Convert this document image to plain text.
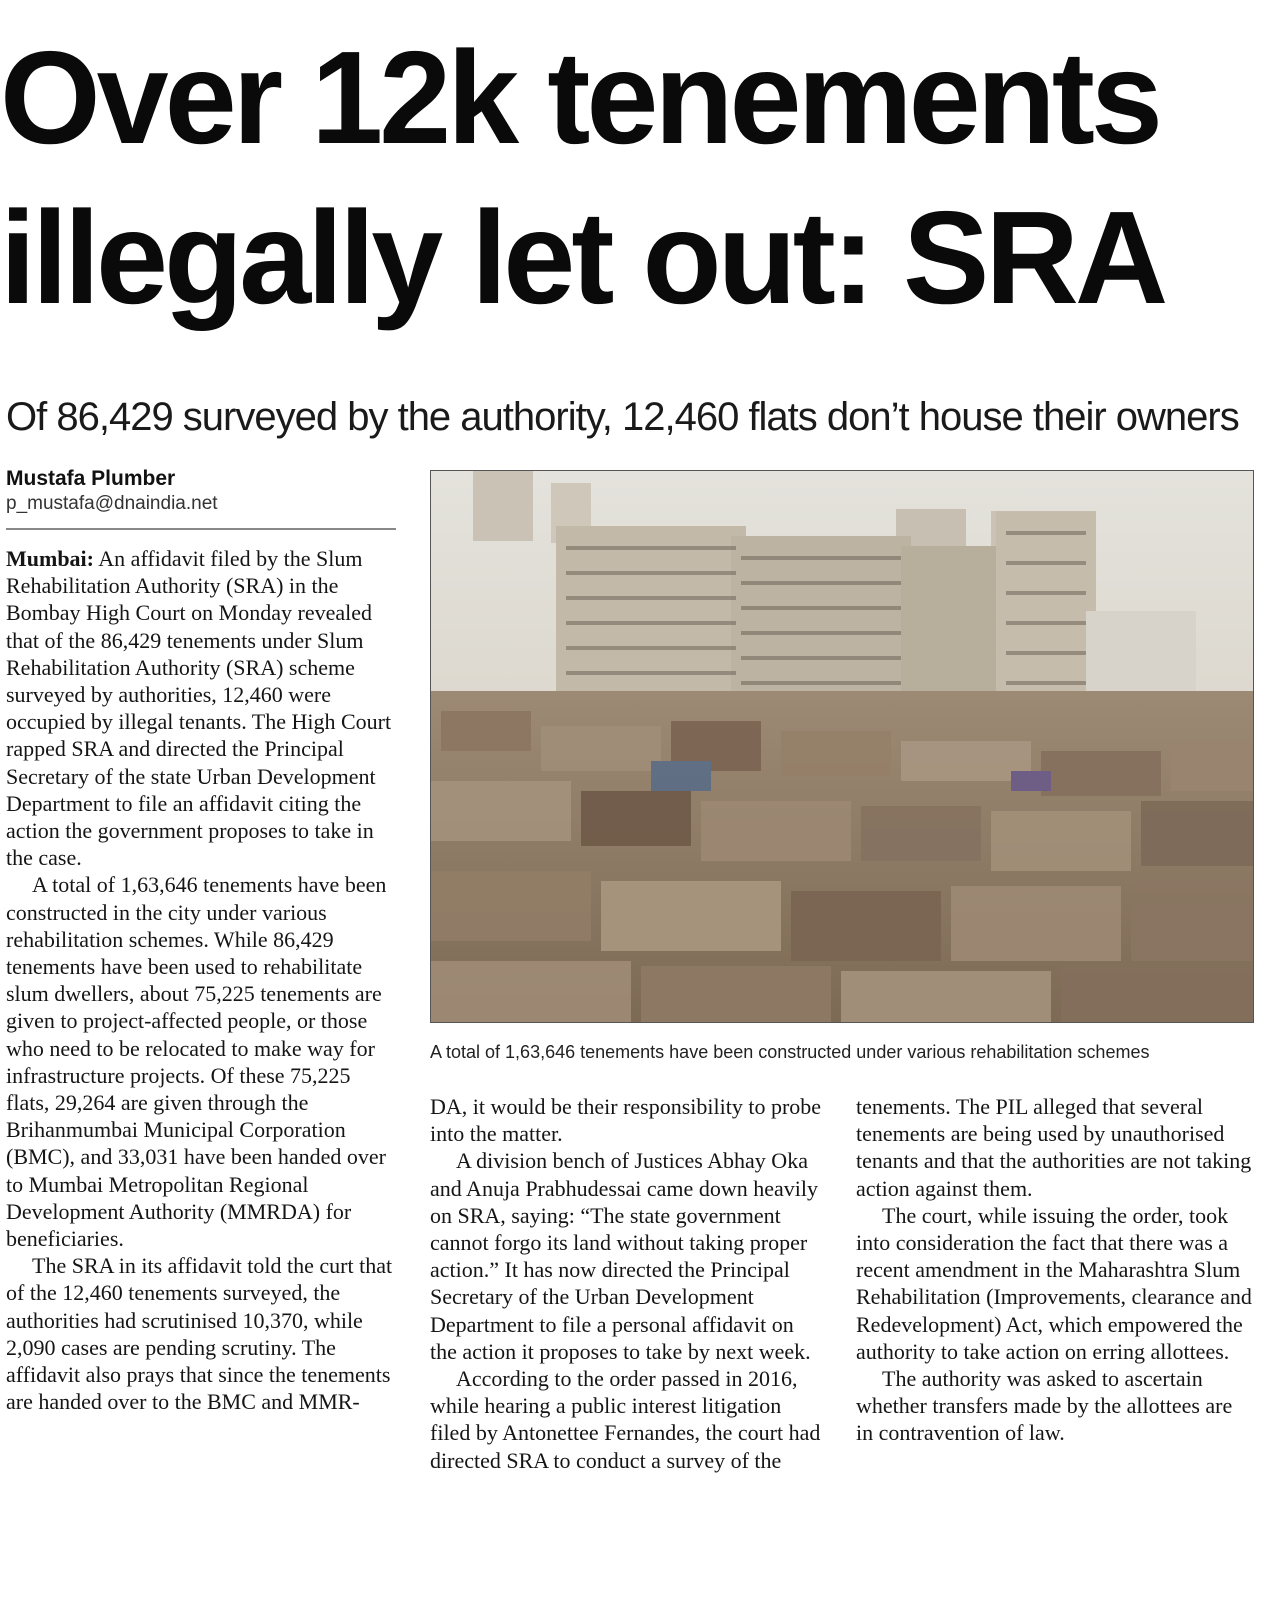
Over 12k tenements
illegally let out: SRA
Of 86,429 surveyed by the authority, 12,460 flats don’t house their owners
Mustafa Plumber
p_mustafa@dnaindia.net

Mumbai: An affidavit filed by the Slum Rehabilitation Authority (SRA) in the Bombay High Court on Monday revealed that of the 86,429 tenements under Slum Rehabilitation Authority (SRA) scheme surveyed by authorities, 12,460 were occupied by illegal tenants. The High Court rapped SRA and directed the Principal Secretary of the state Urban Development Department to file an affidavit citing the action the government proposes to take in the case.

A total of 1,63,646 tenements have been constructed in the city under various rehabilitation schemes. While 86,429 tenements have been used to rehabilitate slum dwellers, about 75,225 tenements are given to project-affected people, or those who need to be relocated to make way for infrastructure projects. Of these 75,225 flats, 29,264 are given through the Brihanmumbai Municipal Corporation (BMC), and 33,031 have been handed over to Mumbai Metropolitan Regional Development Authority (MMRDA) for beneficiaries.

The SRA in its affidavit told the curt that of the 12,460 tenements surveyed, the authorities had scrutinised 10,370, while 2,090 cases are pending scrutiny. The affidavit also prays that since the tenements are handed over to the BMC and MMR-

A total of 1,63,646 tenements have been constructed under various rehabilitation schemes

DA, it would be their responsibility to probe into the matter.

A division bench of Justices Abhay Oka and Anuja Prabhudessai came down heavily on SRA, saying: “The state government cannot forgo its land without taking proper action.” It has now directed the Principal Secretary of the Urban Development Department to file a personal affidavit on the action it proposes to take by next week.

According to the order passed in 2016, while hearing a public interest litigation filed by Antonettee Fernandes, the court had directed SRA to conduct a survey of the

tenements. The PIL alleged that several tenements are being used by unauthorised tenants and that the authorities are not taking action against them.

The court, while issuing the order, took into consideration the fact that there was a recent amendment in the Maharashtra Slum Rehabilitation (Improvements, clearance and Redevelopment) Act, which empowered the authority to take action on erring allottees.

The authority was asked to ascertain whether transfers made by the allottees are in contravention of law.
